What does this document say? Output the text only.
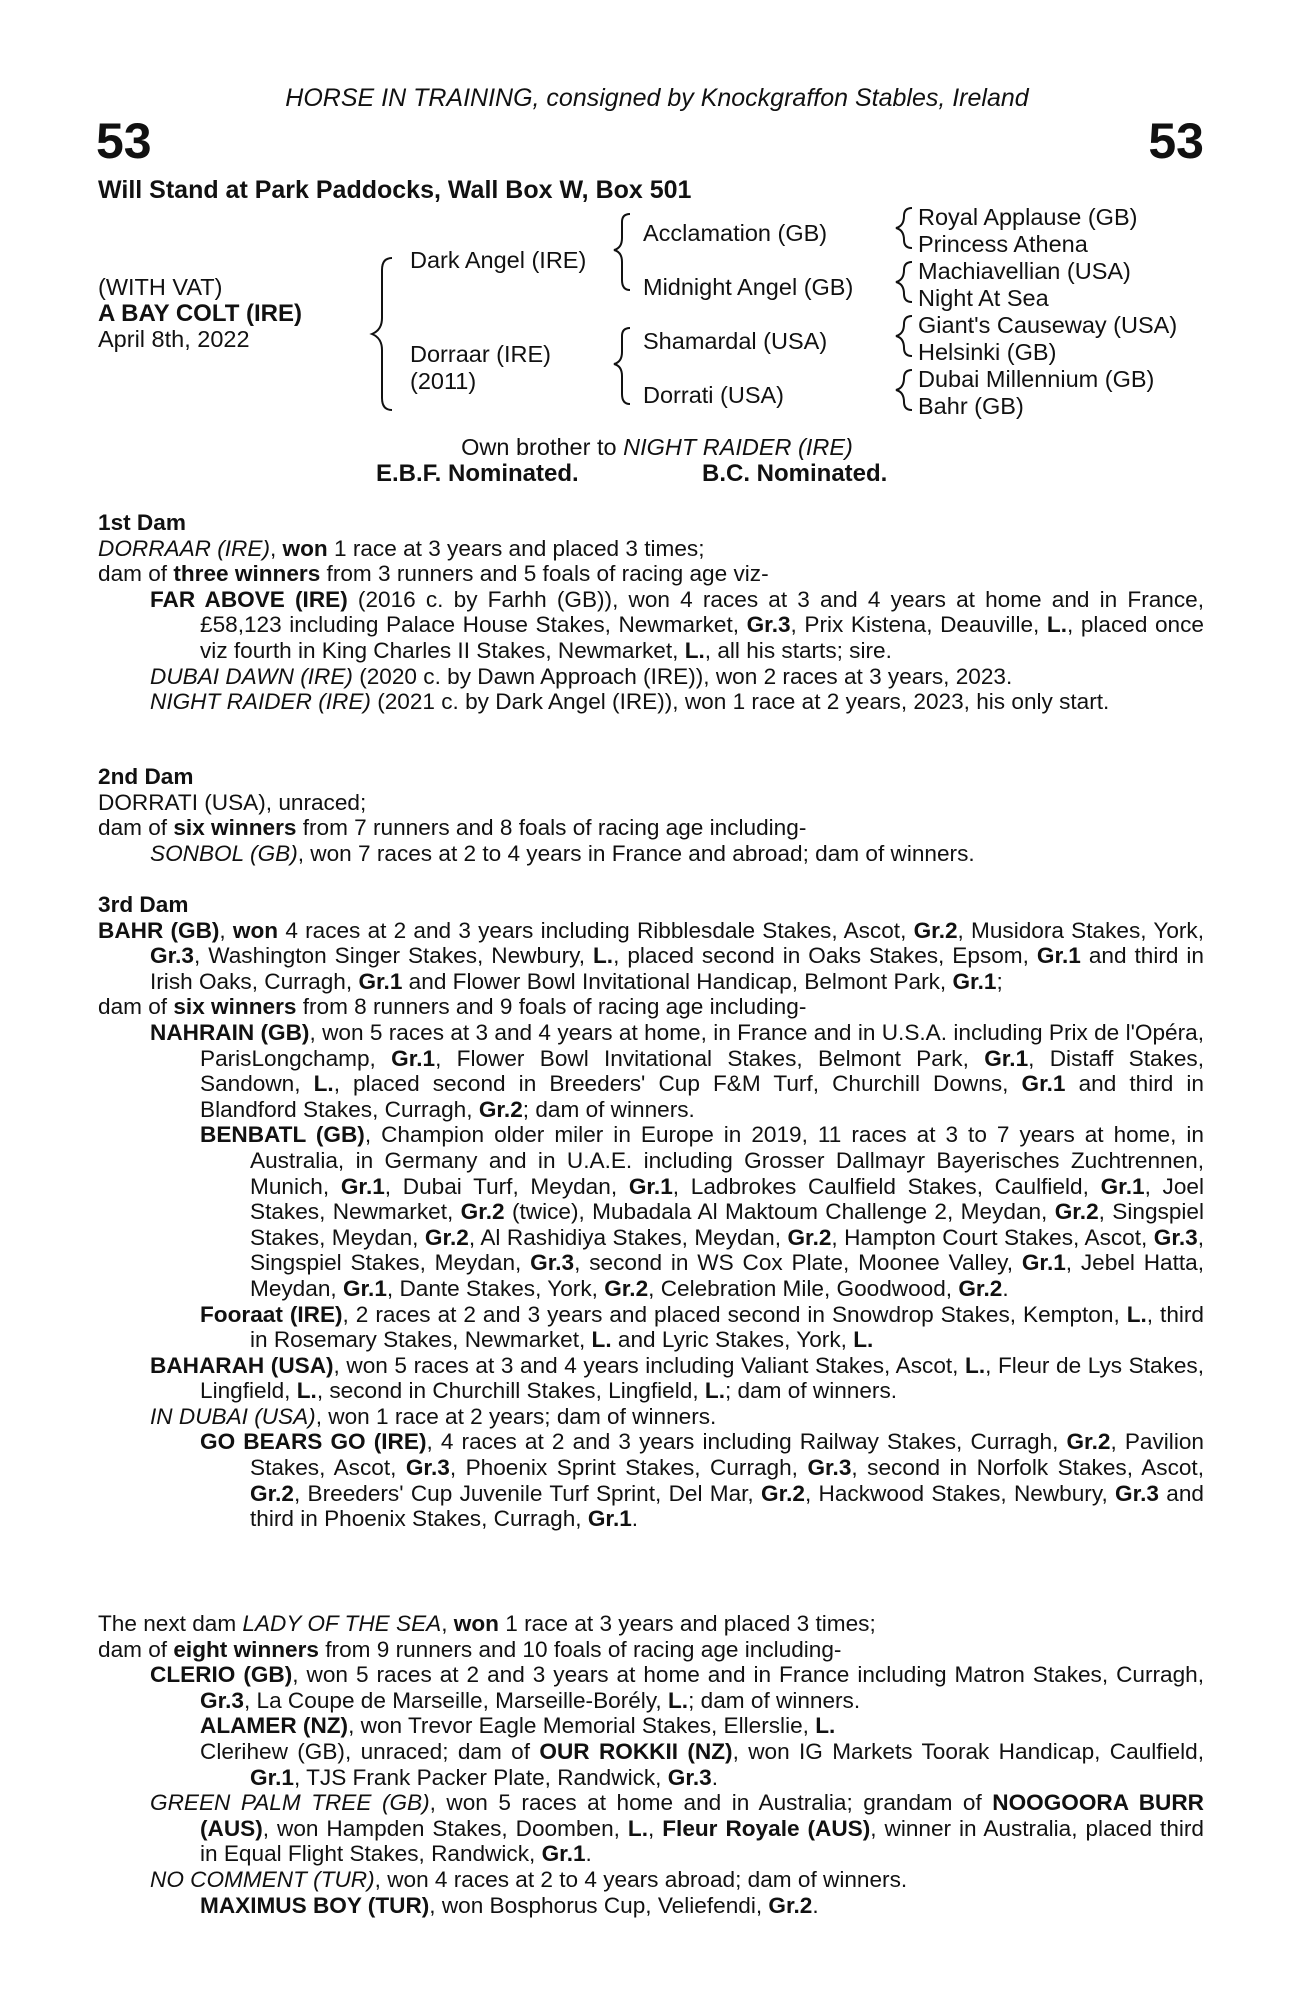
HORSE IN TRAINING, consigned by Knockgraffon Stables, Ireland
53	53
Will Stand at Park Paddocks, Wall Box W, Box 501
(WITH VAT)
A BAY COLT (IRE)
April 8th, 2022
Dark Angel (IRE)
Dorraar (IRE)
(2011)
Acclamation (GB)
Midnight Angel (GB)
Shamardal (USA)
Dorrati (USA)
Royal Applause (GB)
Princess Athena
Machiavellian (USA)
Night At Sea
Giant's Causeway (USA)
Helsinki (GB)
Dubai Millennium (GB)
Bahr (GB)
Own brother to NIGHT RAIDER (IRE)
E.B.F. Nominated.	B.C. Nominated.

1st Dam

DORRAAR (IRE), won 1 race at 3 years and placed 3 times;

dam of three winners from 3 runners and 5 foals of racing age viz-

FAR ABOVE (IRE) (2016 c. by Farhh (GB)), won 4 races at 3 and 4 years at home and in France, £58,123 including Palace House Stakes, Newmarket, Gr.3, Prix Kistena, Deauville, L., placed once viz fourth in King Charles II Stakes, Newmarket, L., all his starts; sire.

DUBAI DAWN (IRE) (2020 c. by Dawn Approach (IRE)), won 2 races at 3 years, 2023.

NIGHT RAIDER (IRE) (2021 c. by Dark Angel (IRE)), won 1 race at 2 years, 2023, his only start.

2nd Dam

DORRATI (USA), unraced;

dam of six winners from 7 runners and 8 foals of racing age including-

SONBOL (GB), won 7 races at 2 to 4 years in France and abroad; dam of winners.

3rd Dam

BAHR (GB), won 4 races at 2 and 3 years including Ribblesdale Stakes, Ascot, Gr.2, Musidora Stakes, York, Gr.3, Washington Singer Stakes, Newbury, L., placed second in Oaks Stakes, Epsom, Gr.1 and third in Irish Oaks, Curragh, Gr.1 and Flower Bowl Invitational Handicap, Belmont Park, Gr.1;

dam of six winners from 8 runners and 9 foals of racing age including-

NAHRAIN (GB), won 5 races at 3 and 4 years at home, in France and in U.S.A. including Prix de l'Opéra, ParisLongchamp, Gr.1, Flower Bowl Invitational Stakes, Belmont Park, Gr.1, Distaff Stakes, Sandown, L., placed second in Breeders' Cup F&M Turf, Churchill Downs, Gr.1 and third in Blandford Stakes, Curragh, Gr.2; dam of winners.

BENBATL (GB), Champion older miler in Europe in 2019, 11 races at 3 to 7 years at home, in Australia, in Germany and in U.A.E. including Grosser Dallmayr Bayerisches Zuchtrennen, Munich, Gr.1, Dubai Turf, Meydan, Gr.1, Ladbrokes Caulfield Stakes, Caulfield, Gr.1, Joel Stakes, Newmarket, Gr.2 (twice), Mubadala Al Maktoum Challenge 2, Meydan, Gr.2, Singspiel Stakes, Meydan, Gr.2, Al Rashidiya Stakes, Meydan, Gr.2, Hampton Court Stakes, Ascot, Gr.3, Singspiel Stakes, Meydan, Gr.3, second in WS Cox Plate, Moonee Valley, Gr.1, Jebel Hatta, Meydan, Gr.1, Dante Stakes, York, Gr.2, Celebration Mile, Goodwood, Gr.2.

Fooraat (IRE), 2 races at 2 and 3 years and placed second in Snowdrop Stakes, Kempton, L., third in Rosemary Stakes, Newmarket, L. and Lyric Stakes, York, L.

BAHARAH (USA), won 5 races at 3 and 4 years including Valiant Stakes, Ascot, L., Fleur de Lys Stakes, Lingfield, L., second in Churchill Stakes, Lingfield, L.; dam of winners.

IN DUBAI (USA), won 1 race at 2 years; dam of winners.

GO BEARS GO (IRE), 4 races at 2 and 3 years including Railway Stakes, Curragh, Gr.2, Pavilion Stakes, Ascot, Gr.3, Phoenix Sprint Stakes, Curragh, Gr.3, second in Norfolk Stakes, Ascot, Gr.2, Breeders' Cup Juvenile Turf Sprint, Del Mar, Gr.2, Hackwood Stakes, Newbury, Gr.3 and third in Phoenix Stakes, Curragh, Gr.1.

The next dam LADY OF THE SEA, won 1 race at 3 years and placed 3 times;

dam of eight winners from 9 runners and 10 foals of racing age including-

CLERIO (GB), won 5 races at 2 and 3 years at home and in France including Matron Stakes, Curragh, Gr.3, La Coupe de Marseille, Marseille-Borély, L.; dam of winners.

ALAMER (NZ), won Trevor Eagle Memorial Stakes, Ellerslie, L.

Clerihew (GB), unraced; dam of OUR ROKKII (NZ), won IG Markets Toorak Handicap, Caulfield, Gr.1, TJS Frank Packer Plate, Randwick, Gr.3.

GREEN PALM TREE (GB), won 5 races at home and in Australia; grandam of NOOGOORA BURR (AUS), won Hampden Stakes, Doomben, L., Fleur Royale (AUS), winner in Australia, placed third in Equal Flight Stakes, Randwick, Gr.1.

NO COMMENT (TUR), won 4 races at 2 to 4 years abroad; dam of winners.

MAXIMUS BOY (TUR), won Bosphorus Cup, Veliefendi, Gr.2.
